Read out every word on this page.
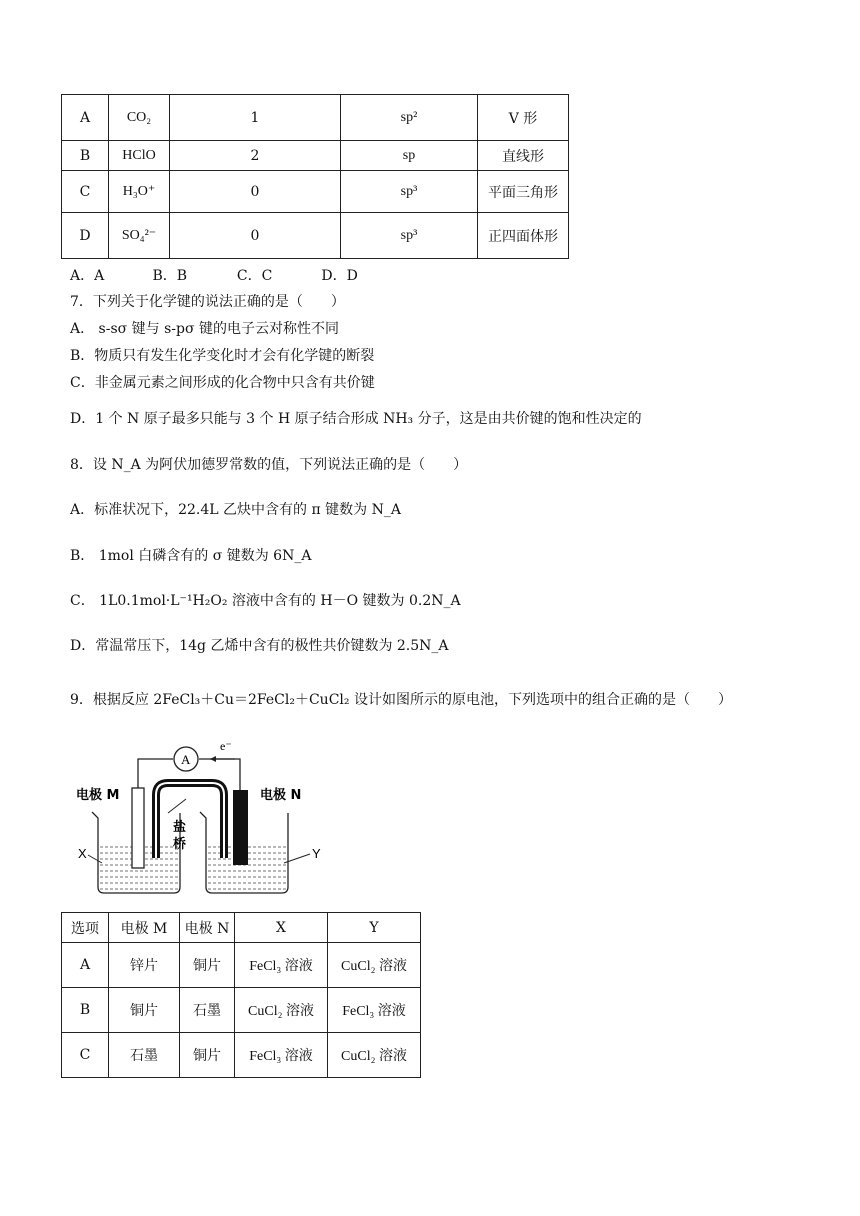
A	CO₂	1	sp²	V 形
B	HClO	2	sp	直线形
C	H₃O⁺	0	sp³	平面三角形
D	SO₄²⁻	0	sp³	正四面体形
A．A	B．B	C．C	D．D
7．下列关于化学键的说法正确的是（　　）
A． s-sσ 键与 s-pσ 键的电子云对称性不同
B．物质只有发生化学变化时才会有化学键的断裂
C．非金属元素之间形成的化合物中只含有共价键
D．1 个 N 原子最多只能与 3 个 H 原子结合形成 NH₃ 分子，这是由共价键的饱和性决定的
8．设 N_A 为阿伏加德罗常数的值，下列说法正确的是（　　）
A．标准状况下，22.4L 乙炔中含有的 π 键数为 N_A
B． 1mol 白磷含有的 σ 键数为 6N_A
C． 1L0.1mol·L⁻¹H₂O₂ 溶液中含有的 H－O 键数为 0.2N_A
D．常温常压下，14g 乙烯中含有的极性共价键数为 2.5N_A
9．根据反应 2FeCl₃＋Cu＝2FeCl₂＋CuCl₂ 设计如图所示的原电池，下列选项中的组合正确的是（　　）
e⁻
A
电极 M	电极 N
盐
桥
X	Y
选项	电极 M	电极 N	X	Y
A	锌片	铜片	FeCl₃ 溶液	CuCl₂ 溶液
B	铜片	石墨	CuCl₂ 溶液	FeCl₃ 溶液
C	石墨	铜片	FeCl₃ 溶液	CuCl₂ 溶液
